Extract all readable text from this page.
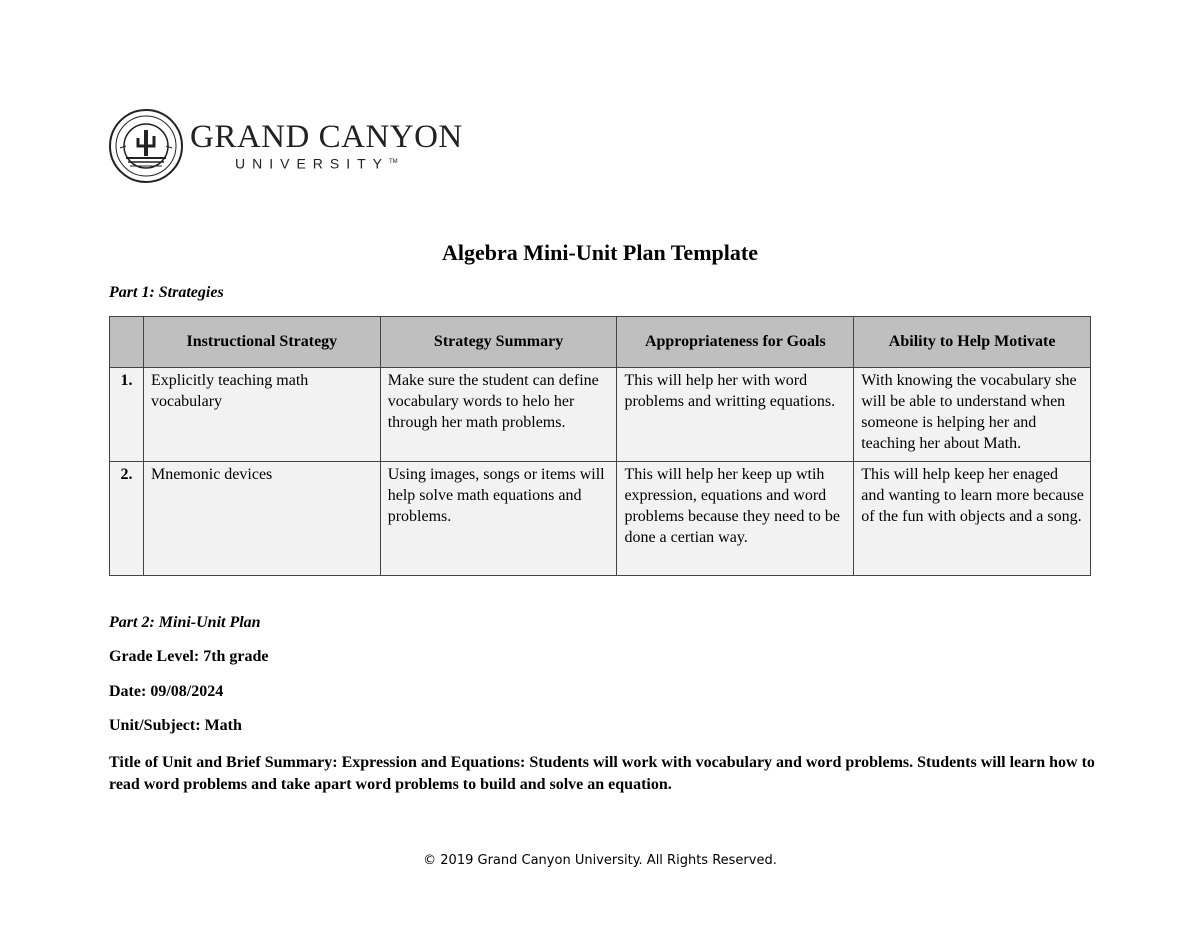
GRAND CANYON
UNIVERSITY™
Algebra Mini-Unit Plan Template
Part 1: Strategies
	Instructional Strategy	Strategy Summary	Appropriateness for Goals	Ability to Help Motivate
1.	Explicitly teaching math vocabulary	Make sure the student can define vocabulary words to helo her through her math problems.	This will help her with word problems and writting equations.	With knowing the vocabulary she will be able to understand when someone is helping her and teaching her about Math.
2.	Mnemonic devices	Using images, songs or items will help solve math equations and problems.	This will help her keep up wtih expression, equations and word problems because they need to be done a certian way.	This will help keep her enaged and wanting to learn more because of the fun with objects and a song.
Part 2: Mini-Unit Plan
Grade Level: 7th grade
Date: 09/08/2024
Unit/Subject: Math
Title of Unit and Brief Summary: Expression and Equations: Students will work with vocabulary and word problems. Students will learn how to read word problems and take apart word problems to build and solve an equation.
© 2019 Grand Canyon University. All Rights Reserved.
